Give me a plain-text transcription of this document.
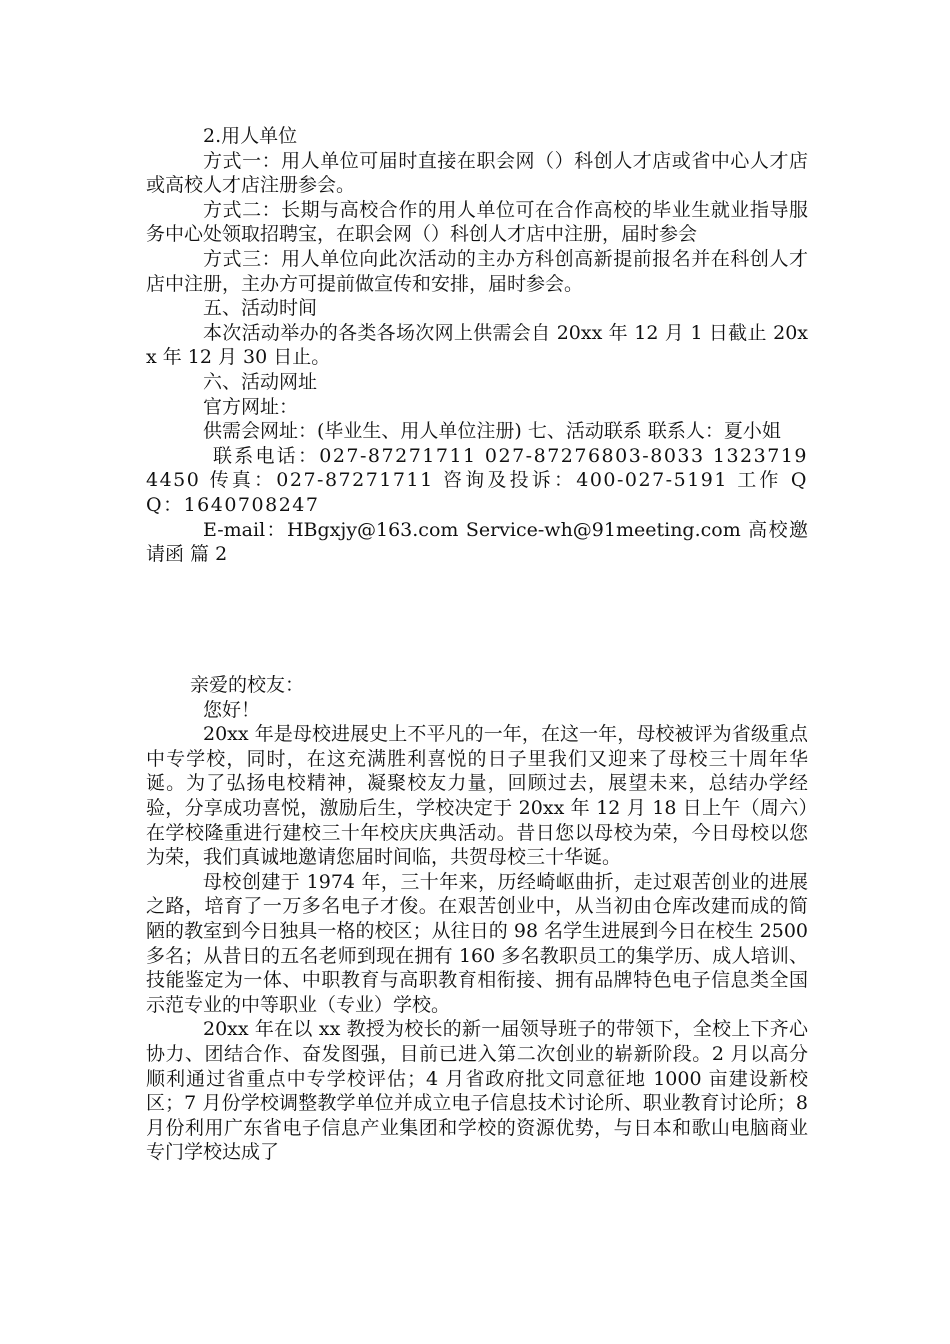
2.用人单位

方式一：用人单位可届时直接在职会网（）科创人才店或省中心人才店或高校人才店注册参会。

方式二：长期与高校合作的用人单位可在合作高校的毕业生就业指导服务中心处领取招聘宝，在职会网（）科创人才店中注册，届时参会

方式三：用人单位向此次活动的主办方科创高新提前报名并在科创人才店中注册，主办方可提前做宣传和安排，届时参会。

五、活动时间

本次活动举办的各类各场次网上供需会自 20xx 年 12 月 1 日截止 20xx 年 12 月 30 日止。

六、活动网址

官方网址：

供需会网址：(毕业生、用人单位注册) 七、活动联系 联系人：夏小姐

联系电话：027-87271711 027-87276803-8033 13237194450 传真：027-87271711 咨询及投诉：400-027-5191 工作 QQ：1640708247

E-mail：HBgxjy@163.com Service-wh@91meeting.com 高校邀请函 篇 2

亲爱的校友：

您好！

20xx 年是母校进展史上不平凡的一年，在这一年，母校被评为省级重点中专学校，同时，在这充满胜利喜悦的日子里我们又迎来了母校三十周年华诞。为了弘扬电校精神，凝聚校友力量，回顾过去，展望未来，总结办学经验，分享成功喜悦，激励后生，学校决定于 20xx 年 12 月 18 日上午（周六）在学校隆重进行建校三十年校庆庆典活动。昔日您以母校为荣，今日母校以您为荣，我们真诚地邀请您届时间临，共贺母校三十华诞。

母校创建于 1974 年，三十年来，历经崎岖曲折，走过艰苦创业的进展之路，培育了一万多名电子才俊。在艰苦创业中，从当初由仓库改建而成的简陋的教室到今日独具一格的校区；从往日的 98 名学生进展到今日在校生 2500 多名；从昔日的五名老师到现在拥有 160 多名教职员工的集学历、成人培训、技能鉴定为一体、中职教育与高职教育相衔接、拥有品牌特色电子信息类全国示范专业的中等职业（专业）学校。

20xx 年在以 xx 教授为校长的新一届领导班子的带领下，全校上下齐心协力、团结合作、奋发图强，目前已进入第二次创业的崭新阶段。2 月以高分顺利通过省重点中专学校评估；4 月省政府批文同意征地 1000 亩建设新校区；7 月份学校调整教学单位并成立电子信息技术讨论所、职业教育讨论所；8 月份利用广东省电子信息产业集团和学校的资源优势，与日本和歌山电脑商业专门学校达成了
